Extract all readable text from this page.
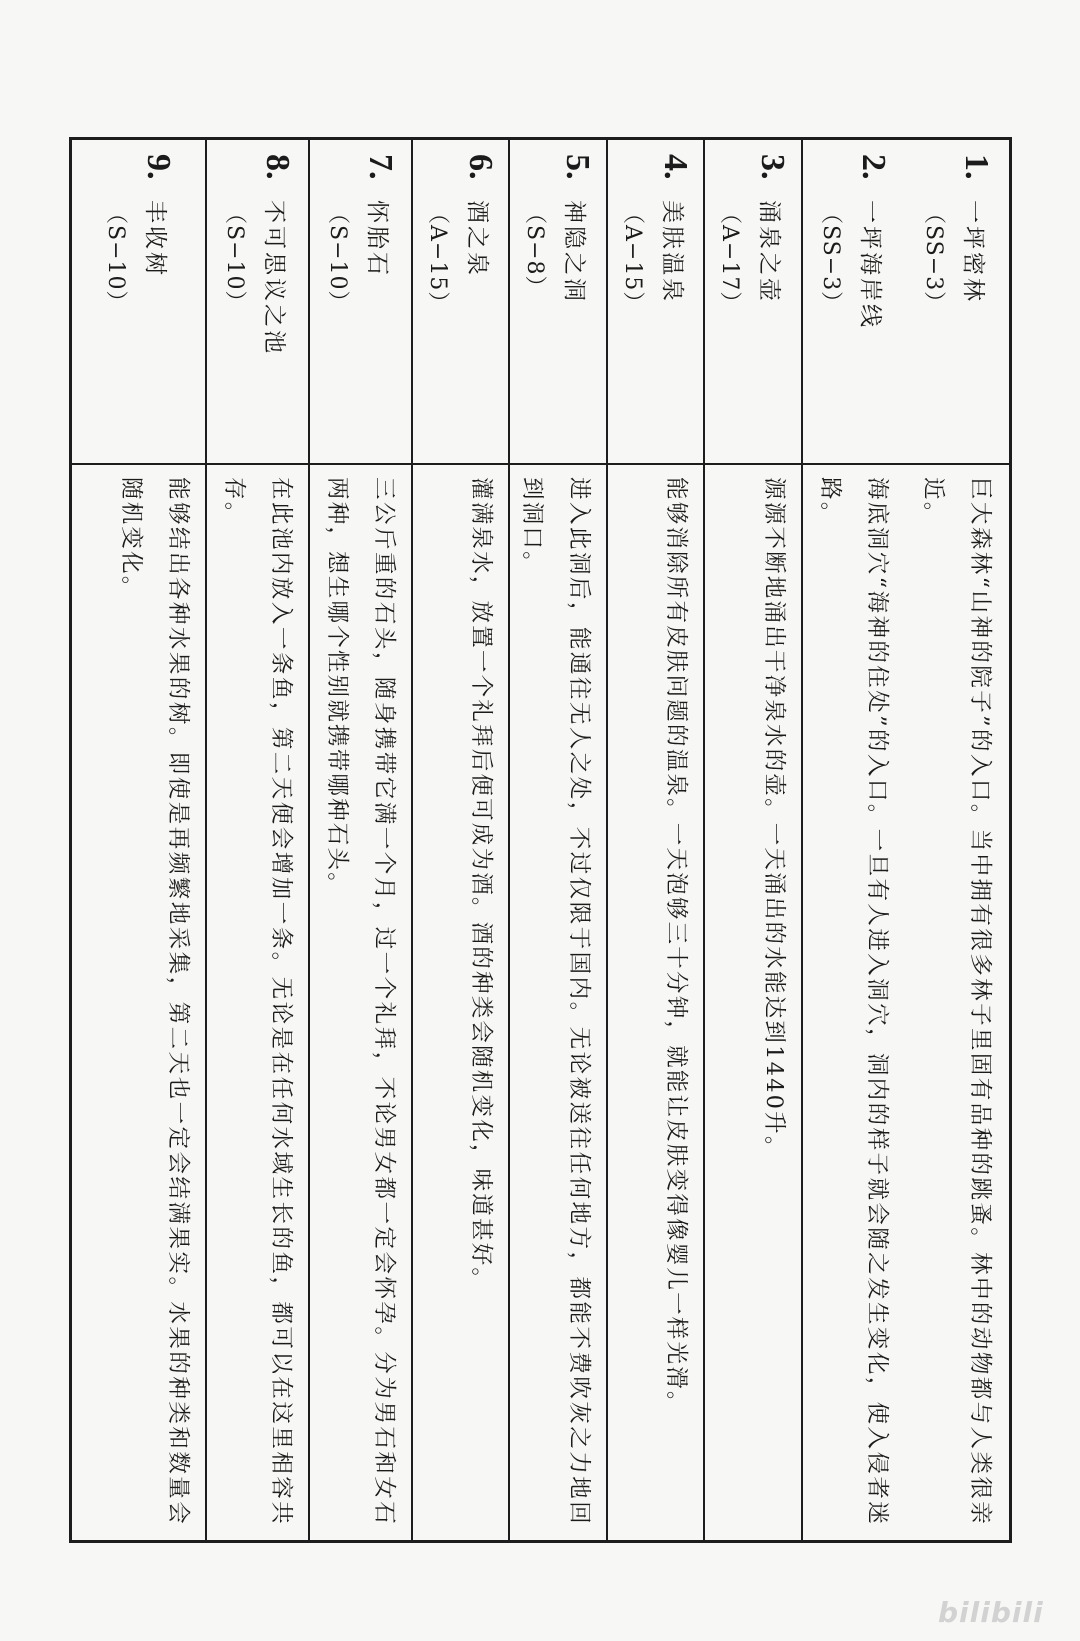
1.
一坪密林
（SS−3）
巨大森林“山神的院子”的入口。当中拥有很多林子里固有品种的跳蚤。林中的动物都与人类很亲近。
2.
一坪海岸线
（SS−3）
海底洞穴“海神的住处”的入口。一旦有人进入洞穴，洞内的样子就会随之发生变化，使入侵者迷路。
3.
涌泉之壶
（A−17）
源源不断地涌出干净泉水的壶。一天涌出的水能达到1440升。
4.
美肤温泉
（A−15）
能够消除所有皮肤问题的温泉。一天泡够三十分钟，就能让皮肤变得像婴儿一样光滑。
5.
神隐之洞
（S−8）
进入此洞后，能通往无人之处，不过仅限于国内。无论被送往任何地方，都能不费吹灰之力地回到洞口。
6.
酒之泉
（A−15）
灌满泉水，放置一个礼拜后便可成为酒。酒的种类会随机变化，味道甚好。
7.
怀胎石
（S−10）
三公斤重的石头，随身携带它满一个月，过一个礼拜，不论男女都一定会怀孕。分为男石和女石两种，想生哪个性别就携带哪种石头。
8.
不可思议之池
（S−10）
在此池内放入一条鱼，第二天便会增加一条。无论是在任何水域生长的鱼，都可以在这里相容共存。
9.
丰收树
（S−10）
能够结出各种水果的树。即使是再频繁地采集，第二天也一定会结满果实。水果的种类和数量会随机变化。
bilibili
